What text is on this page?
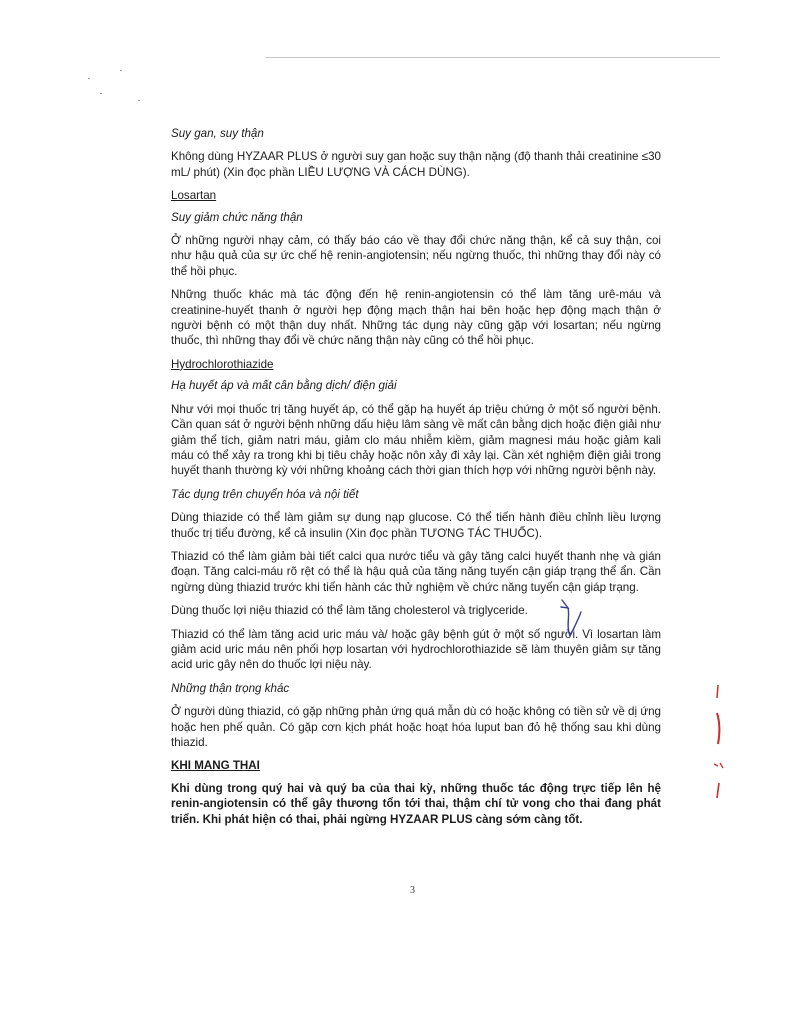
Suy gan, suy thận

Không dùng HYZAAR PLUS ở người suy gan hoặc suy thận nặng (độ thanh thải creatinine ≤30 mL/ phút) (Xin đọc phần LIỀU LƯỢNG VÀ CÁCH DÙNG).

Losartan

Suy giảm chức năng thận

Ở những người nhạy cảm, có thấy báo cáo về thay đổi chức năng thận, kể cả suy thận, coi như hậu quả của sự ức chế hệ renin-angiotensin; nếu ngừng thuốc, thì những thay đổi này có thể hồi phục.

Những thuốc khác mà tác động đến hệ renin-angiotensin có thể làm tăng urê-máu và creatinine-huyết thanh ở người hẹp động mạch thận hai bên hoặc hẹp động mạch thận ở người bệnh có một thận duy nhất. Những tác dụng này cũng gặp với losartan; nếu ngừng thuốc, thì những thay đổi về chức năng thận này cũng có thể hồi phục.

Hydrochlorothiazide

Hạ huyết áp và mất cân bằng dịch/ điện giải

Như với mọi thuốc trị tăng huyết áp, có thể gặp hạ huyết áp triệu chứng ở một số người bệnh. Cần quan sát ở người bệnh những dấu hiệu lâm sàng về mất cân bằng dịch hoặc điện giải như giảm thể tích, giảm natri máu, giảm clo máu nhiễm kiềm, giảm magnesi máu hoặc giảm kali máu có thể xảy ra trong khi bị tiêu chảy hoặc nôn xảy đi xảy lại. Cần xét nghiệm điện giải trong huyết thanh thường kỳ với những khoảng cách thời gian thích hợp với những người bệnh này.

Tác dụng trên chuyển hóa và nội tiết

Dùng thiazide có thể làm giảm sự dung nạp glucose. Có thể tiến hành điều chỉnh liều lượng thuốc trị tiểu đường, kể cả insulin (Xin đọc phần TƯƠNG TÁC THUỐC).

Thiazid có thể làm giảm bài tiết calci qua nước tiểu và gây tăng calci huyết thanh nhẹ và gián đoạn. Tăng calci-máu rõ rệt có thể là hậu quả của tăng năng tuyến cận giáp trạng thể ẩn. Cần ngừng dùng thiazid trước khi tiến hành các thử nghiệm về chức năng tuyến cận giáp trạng.

Dùng thuốc lợi niệu thiazid có thể làm tăng cholesterol và triglyceride.

Thiazid có thể làm tăng acid uric máu và/ hoặc gây bệnh gút ở một số người. Vì losartan làm giảm acid uric máu nên phối hợp losartan với hydrochlorothiazide sẽ làm thuyên giảm sự tăng acid uric gây nên do thuốc lợi niệu này.

Những thận trọng khác

Ở người dùng thiazid, có gặp những phản ứng quá mẫn dù có hoặc không có tiền sử về dị ứng hoặc hen phế quản. Có gặp cơn kịch phát hoặc hoạt hóa luput ban đỏ hệ thống sau khi dùng thiazid.

KHI MANG THAI

Khi dùng trong quý hai và quý ba của thai kỳ, những thuốc tác động trực tiếp lên hệ renin-angiotensin có thể gây thương tổn tới thai, thậm chí tử vong cho thai đang phát triển. Khi phát hiện có thai, phải ngừng HYZAAR PLUS càng sớm càng tốt.

3
